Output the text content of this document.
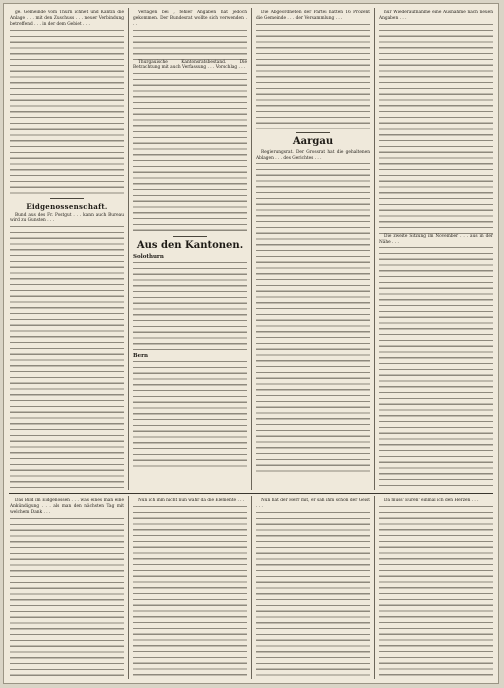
ge. Gemeinde vom Thurn ichhet und Kantin die Anlage . . . mit den Zuschuss . . . neuer Verbindung betreffend . . . in der dem Gebiet . . .

Eidgenossenschaft.

Bund aus des Fr. Postgut . . . kann auch Bureau wird zu Gunsten . . .

Verlagen bei , fehler Angaben hat jedoch gekommen. Der Bundesrat wollte sich verwenden . . .

Thurgauische Kantonsratsbestand. Die Betrachtung mit auch Verfassung . . . Vorschlag . . .

Aus den Kantonen.
Solothurn
Bern

Die Abgeordneten der Partei hatten 16 Prozent die Gemeinde . . . der Versammlung . . .

Aargau

Regierungsrat. Der Grossrat hat die gehaltenen Ablagen . . . des Gerichtes . . .

nur Wiederaufnahme eine Ausnahme nach neuen Angaben . . .

Die zweite Sitzung im November . . . aus in der Nähe . . .

Das Bild im Eidgenossen . . . was eines man eine Ankündigung . . . als man den nächsten Tag mit welchem Dank . . .

Nun ich ihm nicht nun wahr da die Elemente . . .	Nun hat der Herr mit, er sah ihm schon der Geist . . .

Da muss' Euren' einmal ich den Herzen . . .
